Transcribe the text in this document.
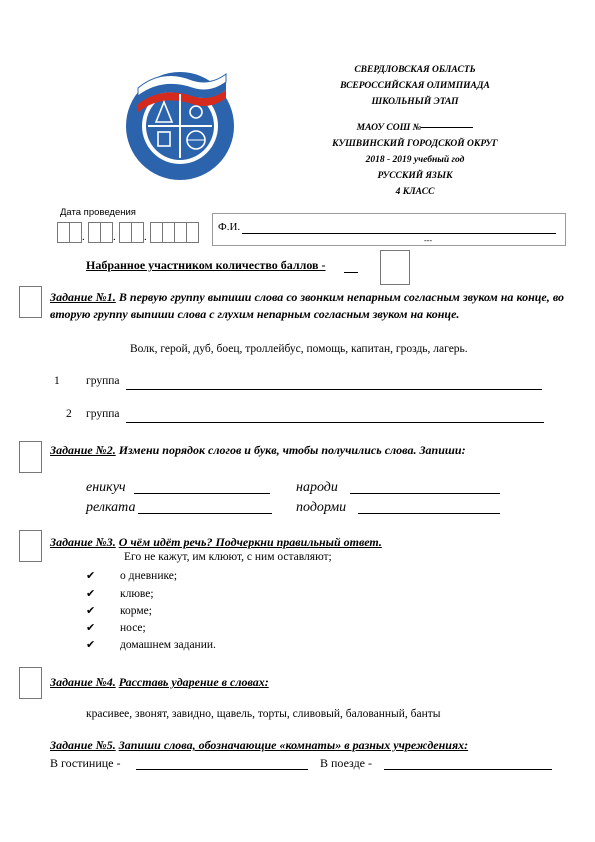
СВЕРДЛОВСКАЯ ОБЛАСТЬ
ВСЕРОССИЙСКАЯ ОЛИМПИАДА
ШКОЛЬНЫЙ ЭТАП
МАОУ СОШ №
КУШВИНСКИЙ ГОРОДСКОЙ ОКРУГ
2018 - 2019 учебный год
РУССКИЙ ЯЗЫК
4 КЛАСС
Дата проведения
.	.	.
Ф.И.
---
Набранное участником количество баллов -
Задание №1. В первую группу выпиши слова со звонким непарным согласным звуком на конце, во вторую группу выпиши слова с глухим непарным согласным звуком на конце.
Волк, герой, дуб, боец, троллейбус, помощь, капитан, гроздь, лагерь.
1 группа
2 группа
Задание №2. Измени порядок слогов и букв, чтобы получились слова. Запиши:
еникуч	народи
релката	подорми
Задание №3. О чём идёт речь? Подчеркни правильный ответ.
Его не кажут, им клюют, с ним оставляют;
✔ о дневнике;
✔ клюве;
✔ корме;
✔ носе;
✔ домашнем задании.
Задание №4. Расставь ударение в словах:
красивее, звонят, завидно, щавель, торты, сливовый, балованный, банты
Задание №5. Запиши слова, обозначающие «комнаты» в разных учреждениях:
В гостинице -	В поезде -
